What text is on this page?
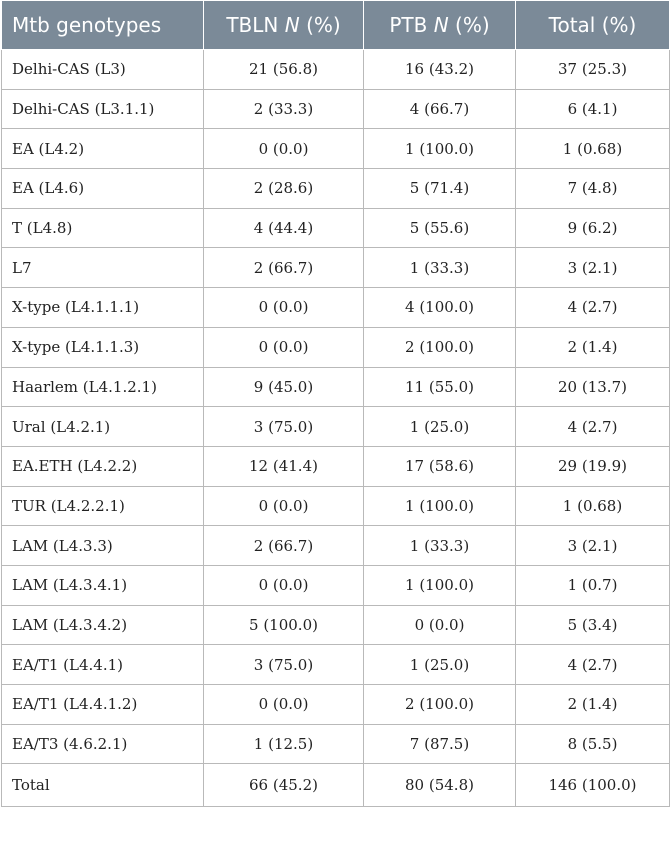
Mtb genotypes	TBLN N (%)	PTB N (%)	Total (%)
Delhi-CAS (L3)	21 (56.8)	16 (43.2)	37 (25.3)
Delhi-CAS (L3.1.1)	2 (33.3)	4 (66.7)	6 (4.1)
EA (L4.2)	0 (0.0)	1 (100.0)	1 (0.68)
EA (L4.6)	2 (28.6)	5 (71.4)	7 (4.8)
T (L4.8)	4 (44.4)	5 (55.6)	9 (6.2)
L7	2 (66.7)	1 (33.3)	3 (2.1)
X-type (L4.1.1.1)	0 (0.0)	4 (100.0)	4 (2.7)
X-type (L4.1.1.3)	0 (0.0)	2 (100.0)	2 (1.4)
Haarlem (L4.1.2.1)	9 (45.0)	11 (55.0)	20 (13.7)
Ural (L4.2.1)	3 (75.0)	1 (25.0)	4 (2.7)
EA.ETH (L4.2.2)	12 (41.4)	17 (58.6)	29 (19.9)
TUR (L4.2.2.1)	0 (0.0)	1 (100.0)	1 (0.68)
LAM (L4.3.3)	2 (66.7)	1 (33.3)	3 (2.1)
LAM (L4.3.4.1)	0 (0.0)	1 (100.0)	1 (0.7)
LAM (L4.3.4.2)	5 (100.0)	0 (0.0)	5 (3.4)
EA/T1 (L4.4.1)	3 (75.0)	1 (25.0)	4 (2.7)
EA/T1 (L4.4.1.2)	0 (0.0)	2 (100.0)	2 (1.4)
EA/T3 (4.6.2.1)	1 (12.5)	7 (87.5)	8 (5.5)
Total	66 (45.2)	80 (54.8)	146 (100.0)
